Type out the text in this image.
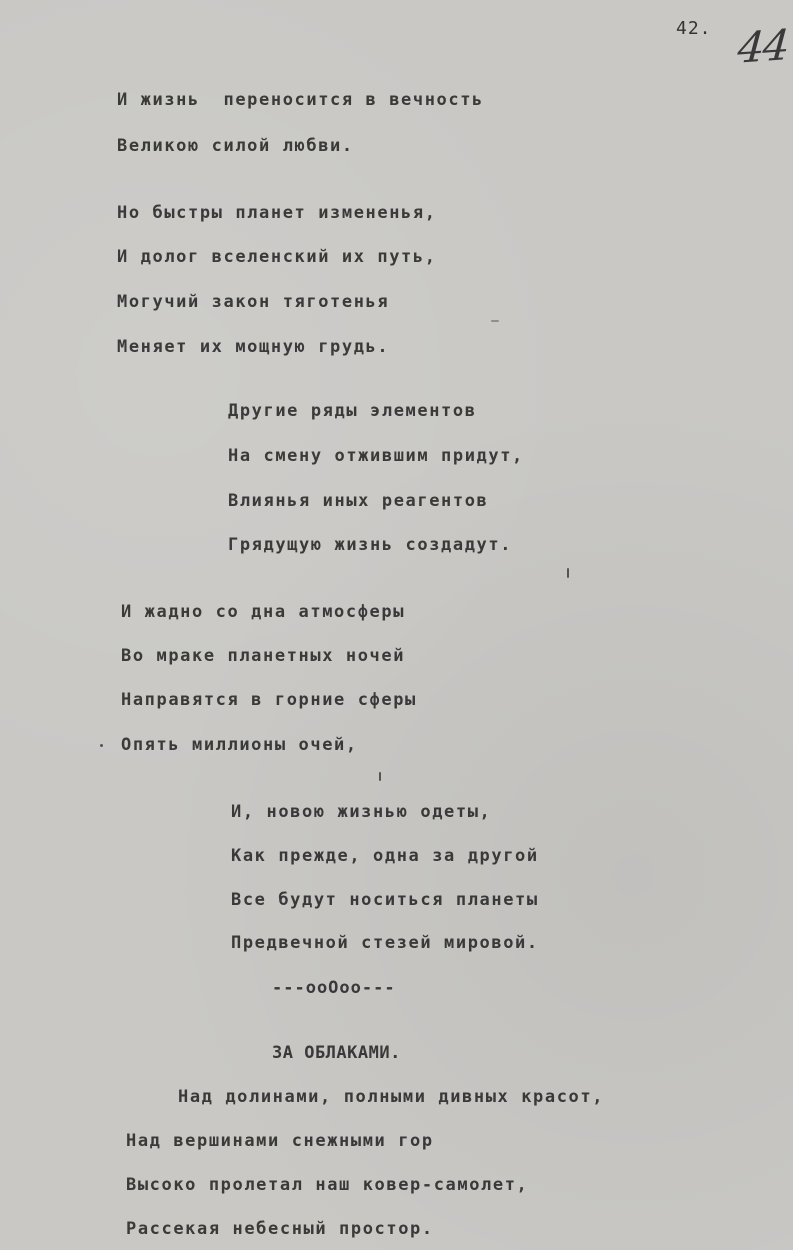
42. 44
И жизнь  переносится в вечность
Великою силой любви.
Но быстры планет измененья,
И долог вселенский их путь,
Могучий закон тяготенья
Меняет их мощную грудь.
Другие ряды элементов
На смену отжившим придут,
Влиянья иных реагентов
Грядущую жизнь создадут.
И жадно со дна атмосферы
Во мраке планетных ночей
Направятся в горние сферы
Опять миллионы очей,
И, новою жизнью одеты,
Как прежде, одна за другой
Все будут носиться планеты
Предвечной стезей мировой.
---ooOoo---
ЗА ОБЛАКАМИ.
Над долинами, полными дивных красот,
Над вершинами снежными гор
Высоко пролетал наш ковер-самолет,
Рассекая небесный простор.
